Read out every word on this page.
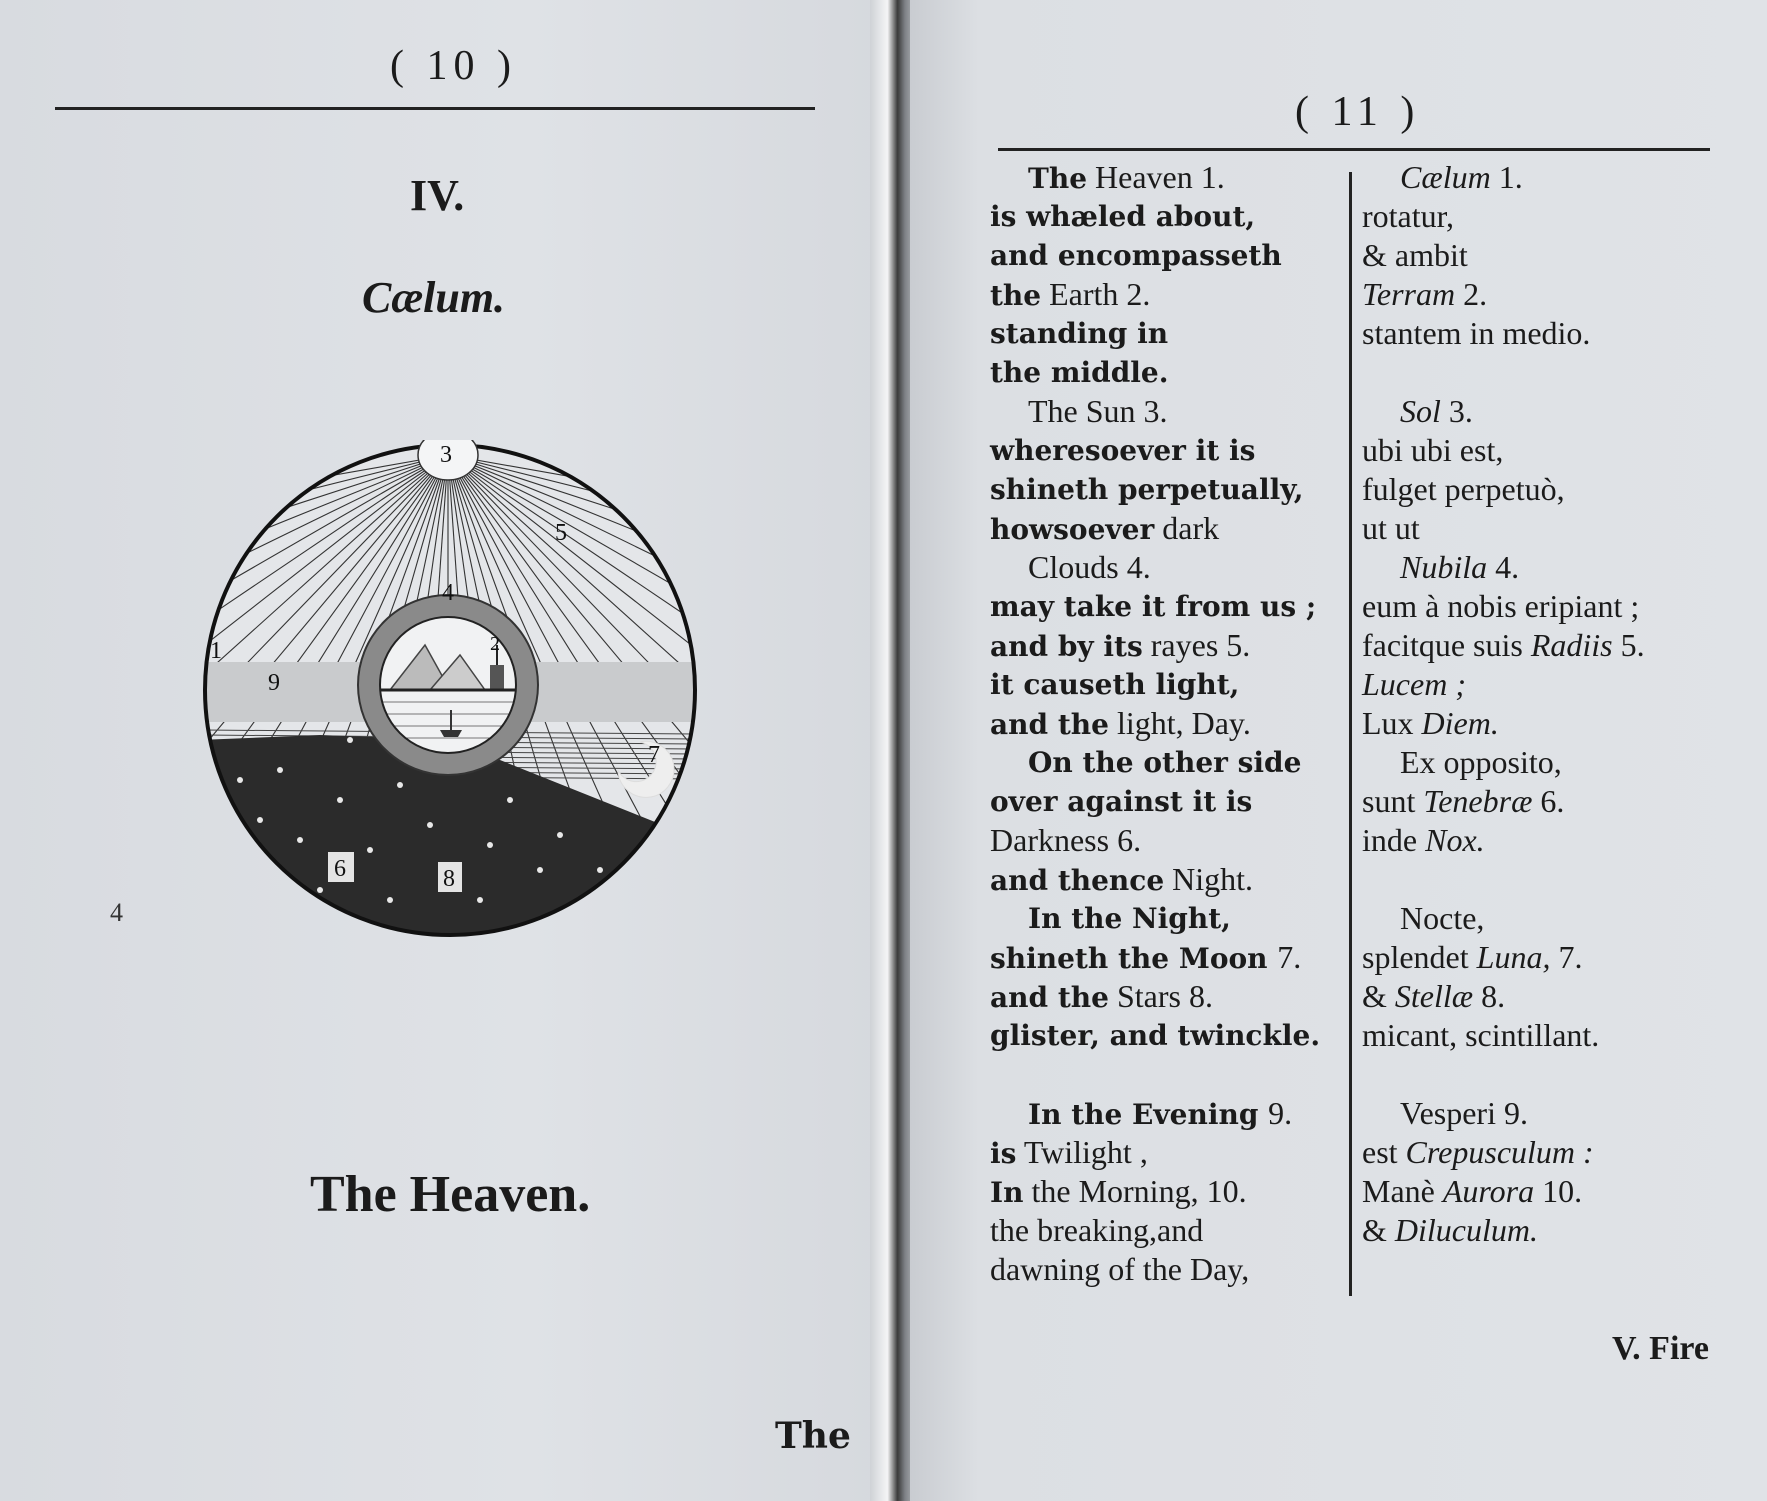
( 10 )
IV.
Cælum.
4
3
4
2
5
1
9
7
6	8
The Heaven.
The
( 11 )
The Heaven 1.
is whæled about,
and encompasseth
the Earth 2.
standing in
the middle.
The Sun 3.
wheresoever it is
shineth perpetually,
howsoever dark
Clouds 4.
may take it from us ;
and by its rayes 5.
it causeth light,
and the light, Day.
On the other side
over against it is
Darkness 6.
and thence Night.
In the Night,
shineth the Moon 7.
and the Stars 8.
glister, and twinckle.
In the Evening 9.
is Twilight ,
In the Morning, 10.
the breaking,and
dawning of the Day,
Cælum 1.
rotatur,
& ambit
Terram 2.
stantem in medio.
Sol 3.
ubi ubi est,
fulget perpetuò,
ut ut
Nubila 4.
eum à nobis eripiant ;
facitque suis Radiis 5.
Lucem ;
Lux Diem.
Ex opposito,
sunt Tenebræ 6.
inde Nox.
Nocte,
splendet Luna, 7.
& Stellæ 8.
micant, scintillant.
Vesperi 9.
est Crepusculum :
Manè Aurora 10.
& Diluculum.
V. Fire
